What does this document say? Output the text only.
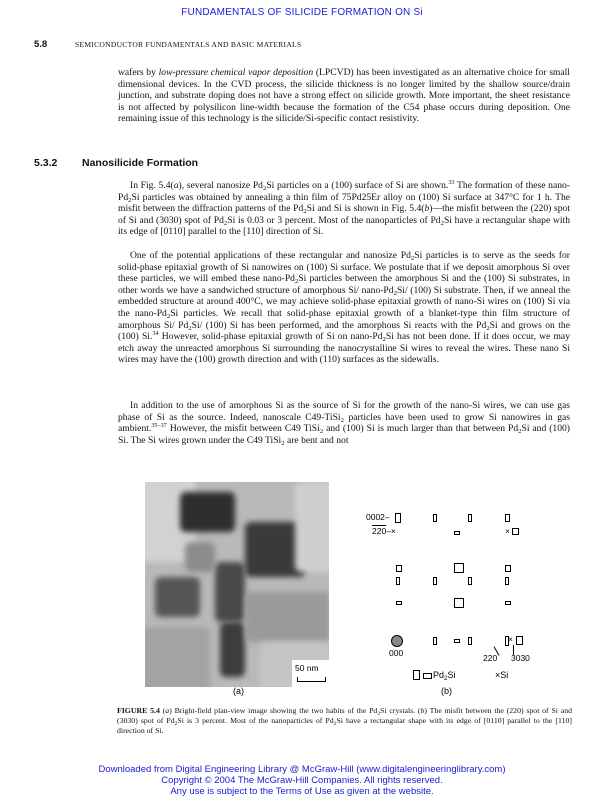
FUNDAMENTALS OF SILICIDE FORMATION ON Si
5.8	SEMICONDUCTOR FUNDAMENTALS AND BASIC MATERIALS

wafers by low-pressure chemical vapor deposition (LPCVD) has been investigated as an alternative choice for small dimensional devices. In the CVD process, the silicide thickness is no longer limited by the shallow source/drain junction, and substrate doping does not have a strong effect on silicide growth. More important, the sheet resistance is not affected by polysilicon line-width because the formation of the C54 phase occurs during deposition. One remaining issue of this technology is the silicide/Si-specific contact resistivity.

5.3.2 Nanosilicide Formation

In Fig. 5.4(a), several nanosize $Pd_2Si$ particles on a (100) surface of Si are shown.$^{33}$ The formation of these nano-$Pd_2Si$ particles was obtained by annealing a thin film of 75Pd25Er alloy on (100) Si surface at 347°C for 1 h. The misfit between the diffraction patterns of the $Pd_2Si$ and Si is shown in Fig. 5.4(b)—the misfit between the (220) spot of Si and (3030) spot of $Pd_2Si$ is 0.03 or 3 percent. Most of the nanoparticles of $Pd_2Si$ have a rectangular shape with its edge of [0110] parallel to the [110] direction of Si.

One of the potential applications of these rectangular and nanosize $Pd_2Si$ particles is to serve as the seeds for solid-phase epitaxial growth of Si nanowires on (100) Si surface. We postulate that if we deposit amorphous Si over these particles, we will embed these nano-$Pd_2Si$ particles between the amorphous Si and the (100) Si substrates, in other words we have a sandwiched structure of amorphous Si/ nano-$Pd_2Si/$ (100) Si substrate. Then, if we anneal the embedded structure at around 400°C, we may achieve solid-phase epitaxial growth of nano-Si wires on (100) Si via the nano-$Pd_2Si$ particles. We recall that solid-phase epitaxial growth of a blanket-type thin film structure of amorphous Si/ $Pd_2Si/$ (100) Si has been performed, and the amorphous Si reacts with the $Pd_2Si$ and grows on the (100) Si.$^{34}$ However, solid-phase epitaxial growth of Si on nano-$Pd_2Si$ has not been done. If it does occur, we may etch away the unreacted amorphous Si surrounding the nanocrystalline Si wires to reveal the wires. These nano Si wires may have the (100) growth direction and with (110) surfaces as the sidewalls.

In addition to the use of amorphous Si as the source of Si for the growth of the nano-Si wires, we can use gas phase of Si as the source. Indeed, nanoscale C49-TiSi$_2$ particles have been used to grow Si nanowires in gas ambient.$^{35-37}$ However, the misfit between C49 TiSi$_2$ and (100) Si is much larger than that between $Pd_2Si$ and (100) Si. The Si wires grown under the C49 TiSi$_2$ are bent and not

50 nm
(a)
0002–
220–×	×
000
×
220 3030
$Pd_2Si$	×Si
(b)

FIGURE 5.4 (a) Bright-field plan-view image showing the two habits of the $Pd_2Si$ crystals. (b) The misfit between the (220) spot of Si and (3030) spot of $Pd_2Si$ is 3 percent. Most of the nanoparticles of $Pd_2Si$ have a rectangular shape with its edge of [0110] parallel to the [110] direction of Si.

Downloaded from Digital Engineering Library @ McGraw-Hill (www.digitalengineeringlibrary.com)
Copyright © 2004 The McGraw-Hill Companies. All rights reserved.
Any use is subject to the Terms of Use as given at the website.
